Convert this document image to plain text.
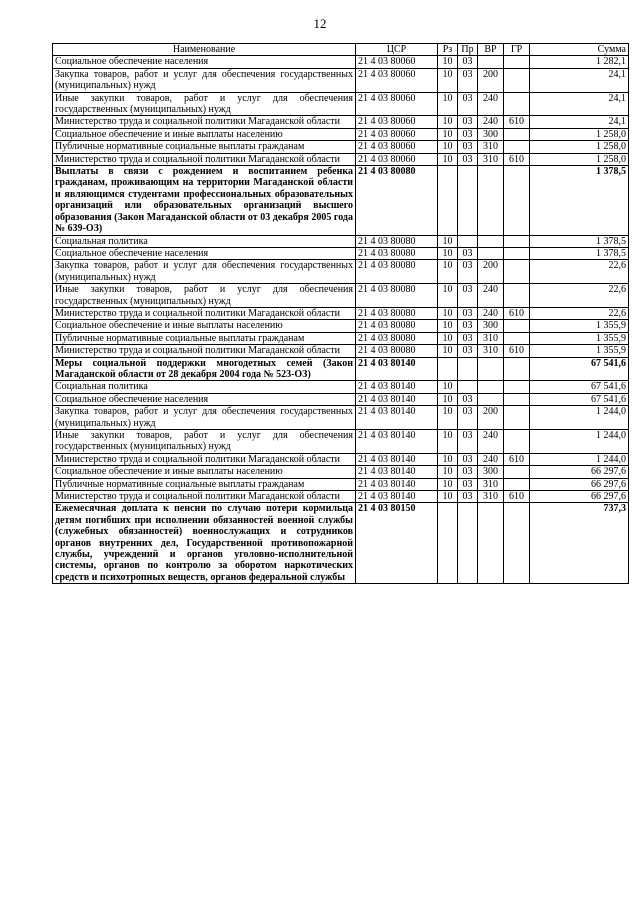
12
Наименование	ЦСР	Рз	Пр	ВР	ГР	Сумма
Социальное обеспечение населения	21 4 03 80060	10	03			1 282,1
Закупка товаров, работ и услуг для обеспечения государственных (муниципальных) нужд	21 4 03 80060	10	03	200		24,1
Иные закупки товаров, работ и услуг для обеспечения государственных (муниципальных) нужд	21 4 03 80060	10	03	240		24,1
Министерство труда и социальной политики Магаданской области	21 4 03 80060	10	03	240	610	24,1
Социальное обеспечение и иные выплаты населению	21 4 03 80060	10	03	300		1 258,0
Публичные нормативные социальные выплаты гражданам	21 4 03 80060	10	03	310		1 258,0
Министерство труда и социальной политики Магаданской области	21 4 03 80060	10	03	310	610	1 258,0
Выплаты в связи с рождением и воспитанием ребенка гражданам, проживающим на территории Магаданской области и являющимся студентами профессиональных образовательных организаций или образовательных организаций высшего образования (Закон Магаданской области от 03 декабря 2005 года № 639-ОЗ)	21 4 03 80080					1 378,5
Социальная политика	21 4 03 80080	10				1 378,5
Социальное обеспечение населения	21 4 03 80080	10	03			1 378,5
Закупка товаров, работ и услуг для обеспечения государственных (муниципальных) нужд	21 4 03 80080	10	03	200		22,6
Иные закупки товаров, работ и услуг для обеспечения государственных (муниципальных) нужд	21 4 03 80080	10	03	240		22,6
Министерство труда и социальной политики Магаданской области	21 4 03 80080	10	03	240	610	22,6
Социальное обеспечение и иные выплаты населению	21 4 03 80080	10	03	300		1 355,9
Публичные нормативные социальные выплаты гражданам	21 4 03 80080	10	03	310		1 355,9
Министерство труда и социальной политики Магаданской области	21 4 03 80080	10	03	310	610	1 355,9
Меры социальной поддержки многодетных семей (Закон Магаданской области от 28 декабря 2004 года № 523-ОЗ)	21 4 03 80140					67 541,6
Социальная политика	21 4 03 80140	10				67 541,6
Социальное обеспечение населения	21 4 03 80140	10	03			67 541,6
Закупка товаров, работ и услуг для обеспечения государственных (муниципальных) нужд	21 4 03 80140	10	03	200		1 244,0
Иные закупки товаров, работ и услуг для обеспечения государственных (муниципальных) нужд	21 4 03 80140	10	03	240		1 244,0
Министерство труда и социальной политики Магаданской области	21 4 03 80140	10	03	240	610	1 244,0
Социальное обеспечение и иные выплаты населению	21 4 03 80140	10	03	300		66 297,6
Публичные нормативные социальные выплаты гражданам	21 4 03 80140	10	03	310		66 297,6
Министерство труда и социальной политики Магаданской области	21 4 03 80140	10	03	310	610	66 297,6
Ежемесячная доплата к пенсии по случаю потери кормильца детям погибших при исполнении обязанностей военной службы (служебных обязанностей) военнослужащих и сотрудников органов внутренних дел, Государственной противопожарной службы, учреждений и органов уголовно-исполнительной системы, органов по контролю за оборотом наркотических средств и психотропных веществ, органов федеральной службы	21 4 03 80150					737,3
